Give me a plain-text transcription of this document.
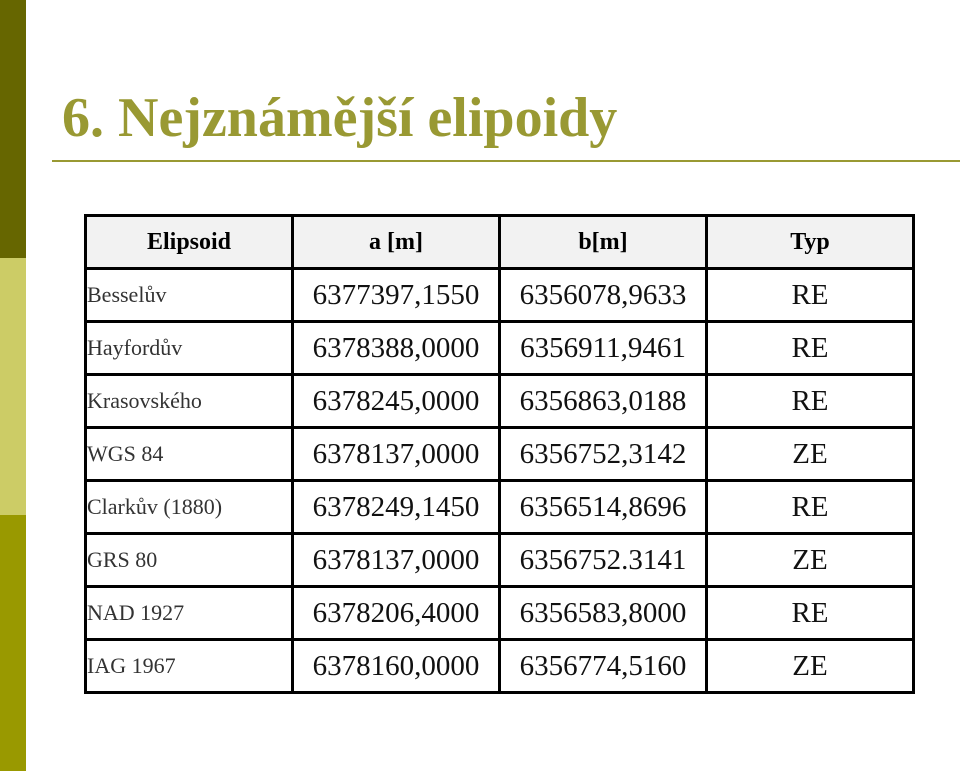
6. Nejznámější elipoidy
Elipsoid	a [m]	b[m]	Typ
Besselův	6377397,1550	6356078,9633	RE
Hayfordův	6378388,0000	6356911,9461	RE
Krasovského	6378245,0000	6356863,0188	RE
WGS 84	6378137,0000	6356752,3142	ZE
Clarkův (1880)	6378249,1450	6356514,8696	RE
GRS 80	6378137,0000	6356752.3141	ZE
NAD 1927	6378206,4000	6356583,8000	RE
IAG 1967	6378160,0000	6356774,5160	ZE
